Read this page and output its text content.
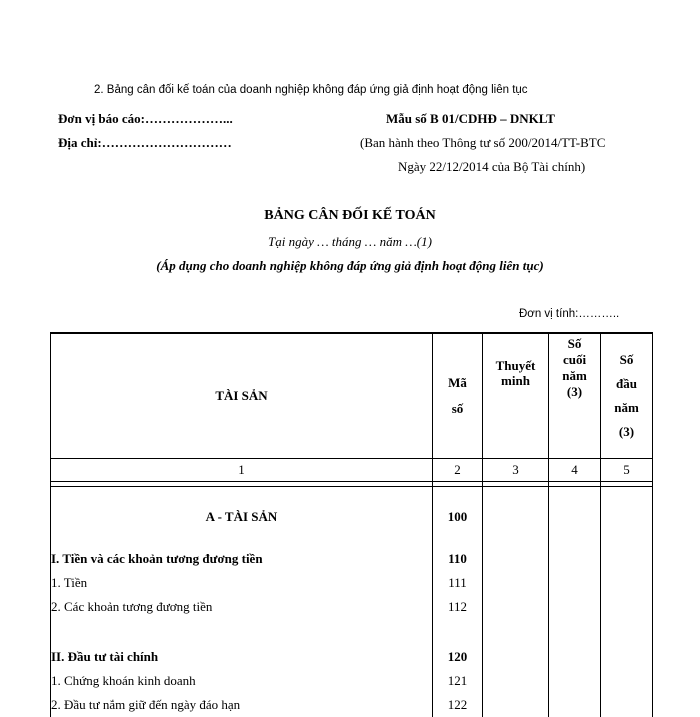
2. Bảng cân đối kế toán của doanh nghiệp không đáp ứng giả định hoạt động liên tục
Đơn vị báo cáo:………………...
Địa chỉ:…………………………
Mẫu số B 01/CDHĐ – DNKLT
(Ban hành theo Thông tư số 200/2014/TT-BTC
Ngày 22/12/2014 của Bộ Tài chính)
BẢNG CÂN ĐỐI KẾ TOÁN
Tại ngày … tháng … năm …(1)
(Áp dụng cho doanh nghiệp không đáp ứng giả định hoạt động liên tục)
Đơn vị tính:………..
TÀI SẢN	Mã số	Thuyết minh	Số cuối năm (3)	Số đầu năm (3)

1	2	3	4	5

A - TÀI SẢN	100			
I. Tiền và các khoản tương đương tiền	110			
1. Tiền	111			
2. Các khoản tương đương tiền	112			

II. Đầu tư tài chính	120			
1. Chứng khoán kinh doanh	121			
2. Đầu tư nắm giữ đến ngày đáo hạn	122			
